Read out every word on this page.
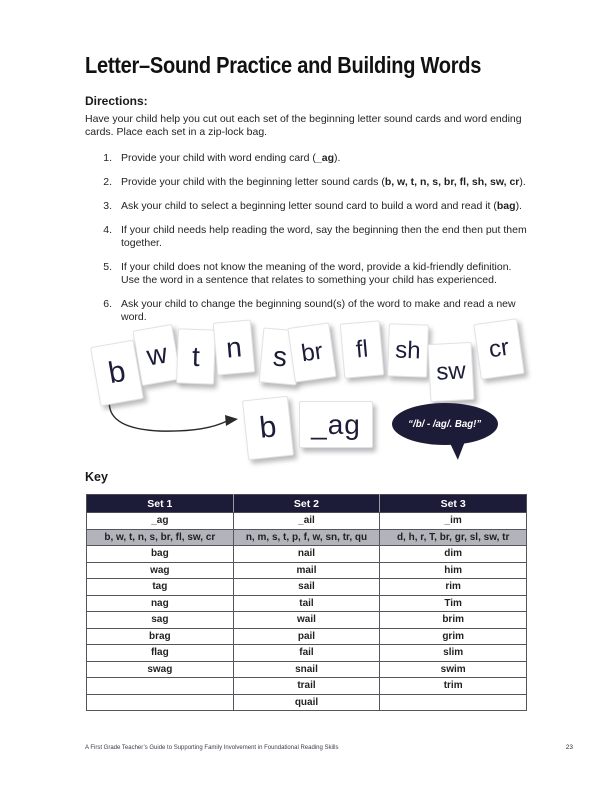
Letter–Sound Practice and Building Words
Directions:

Have your child help you cut out each set of the beginning letter sound cards and word ending cards. Place each set in a zip-lock bag.

1. Provide your child with word ending card (_ag).
2. Provide your child with the beginning letter sound cards (b, w, t, n, s, br, fl, sh, sw, cr).
3. Ask your child to select a beginning letter sound card to build a word and read it (bag).
4. If your child needs help reading the word, say the beginning then the end then put them together.
5. If your child does not know the meaning of the word, provide a kid-friendly definition. Use the word in a sentence that relates to something your child has experienced.
6. Ask your child to change the beginning sound(s) of the word to make and read a new word.
b
w t n s br fl sh
sw
cr
b _ag	“/b/ - /ag/. Bag!”
Key
Set 1	Set 2	Set 3
_ag	_ail	_im
b, w, t, n, s, br, fl, sw, cr	n, m, s, t, p, f, w, sn, tr, qu	d, h, r, T, br, gr, sl, sw, tr
bag	nail	dim
wag	mail	him
tag	sail	rim
nag	tail	Tim
sag	wail	brim
brag	pail	grim
flag	fail	slim
swag	snail	swim
	trail	trim
	quail	
A First Grade Teacher’s Guide to Supporting Family Involvement in Foundational Reading Skills	23
